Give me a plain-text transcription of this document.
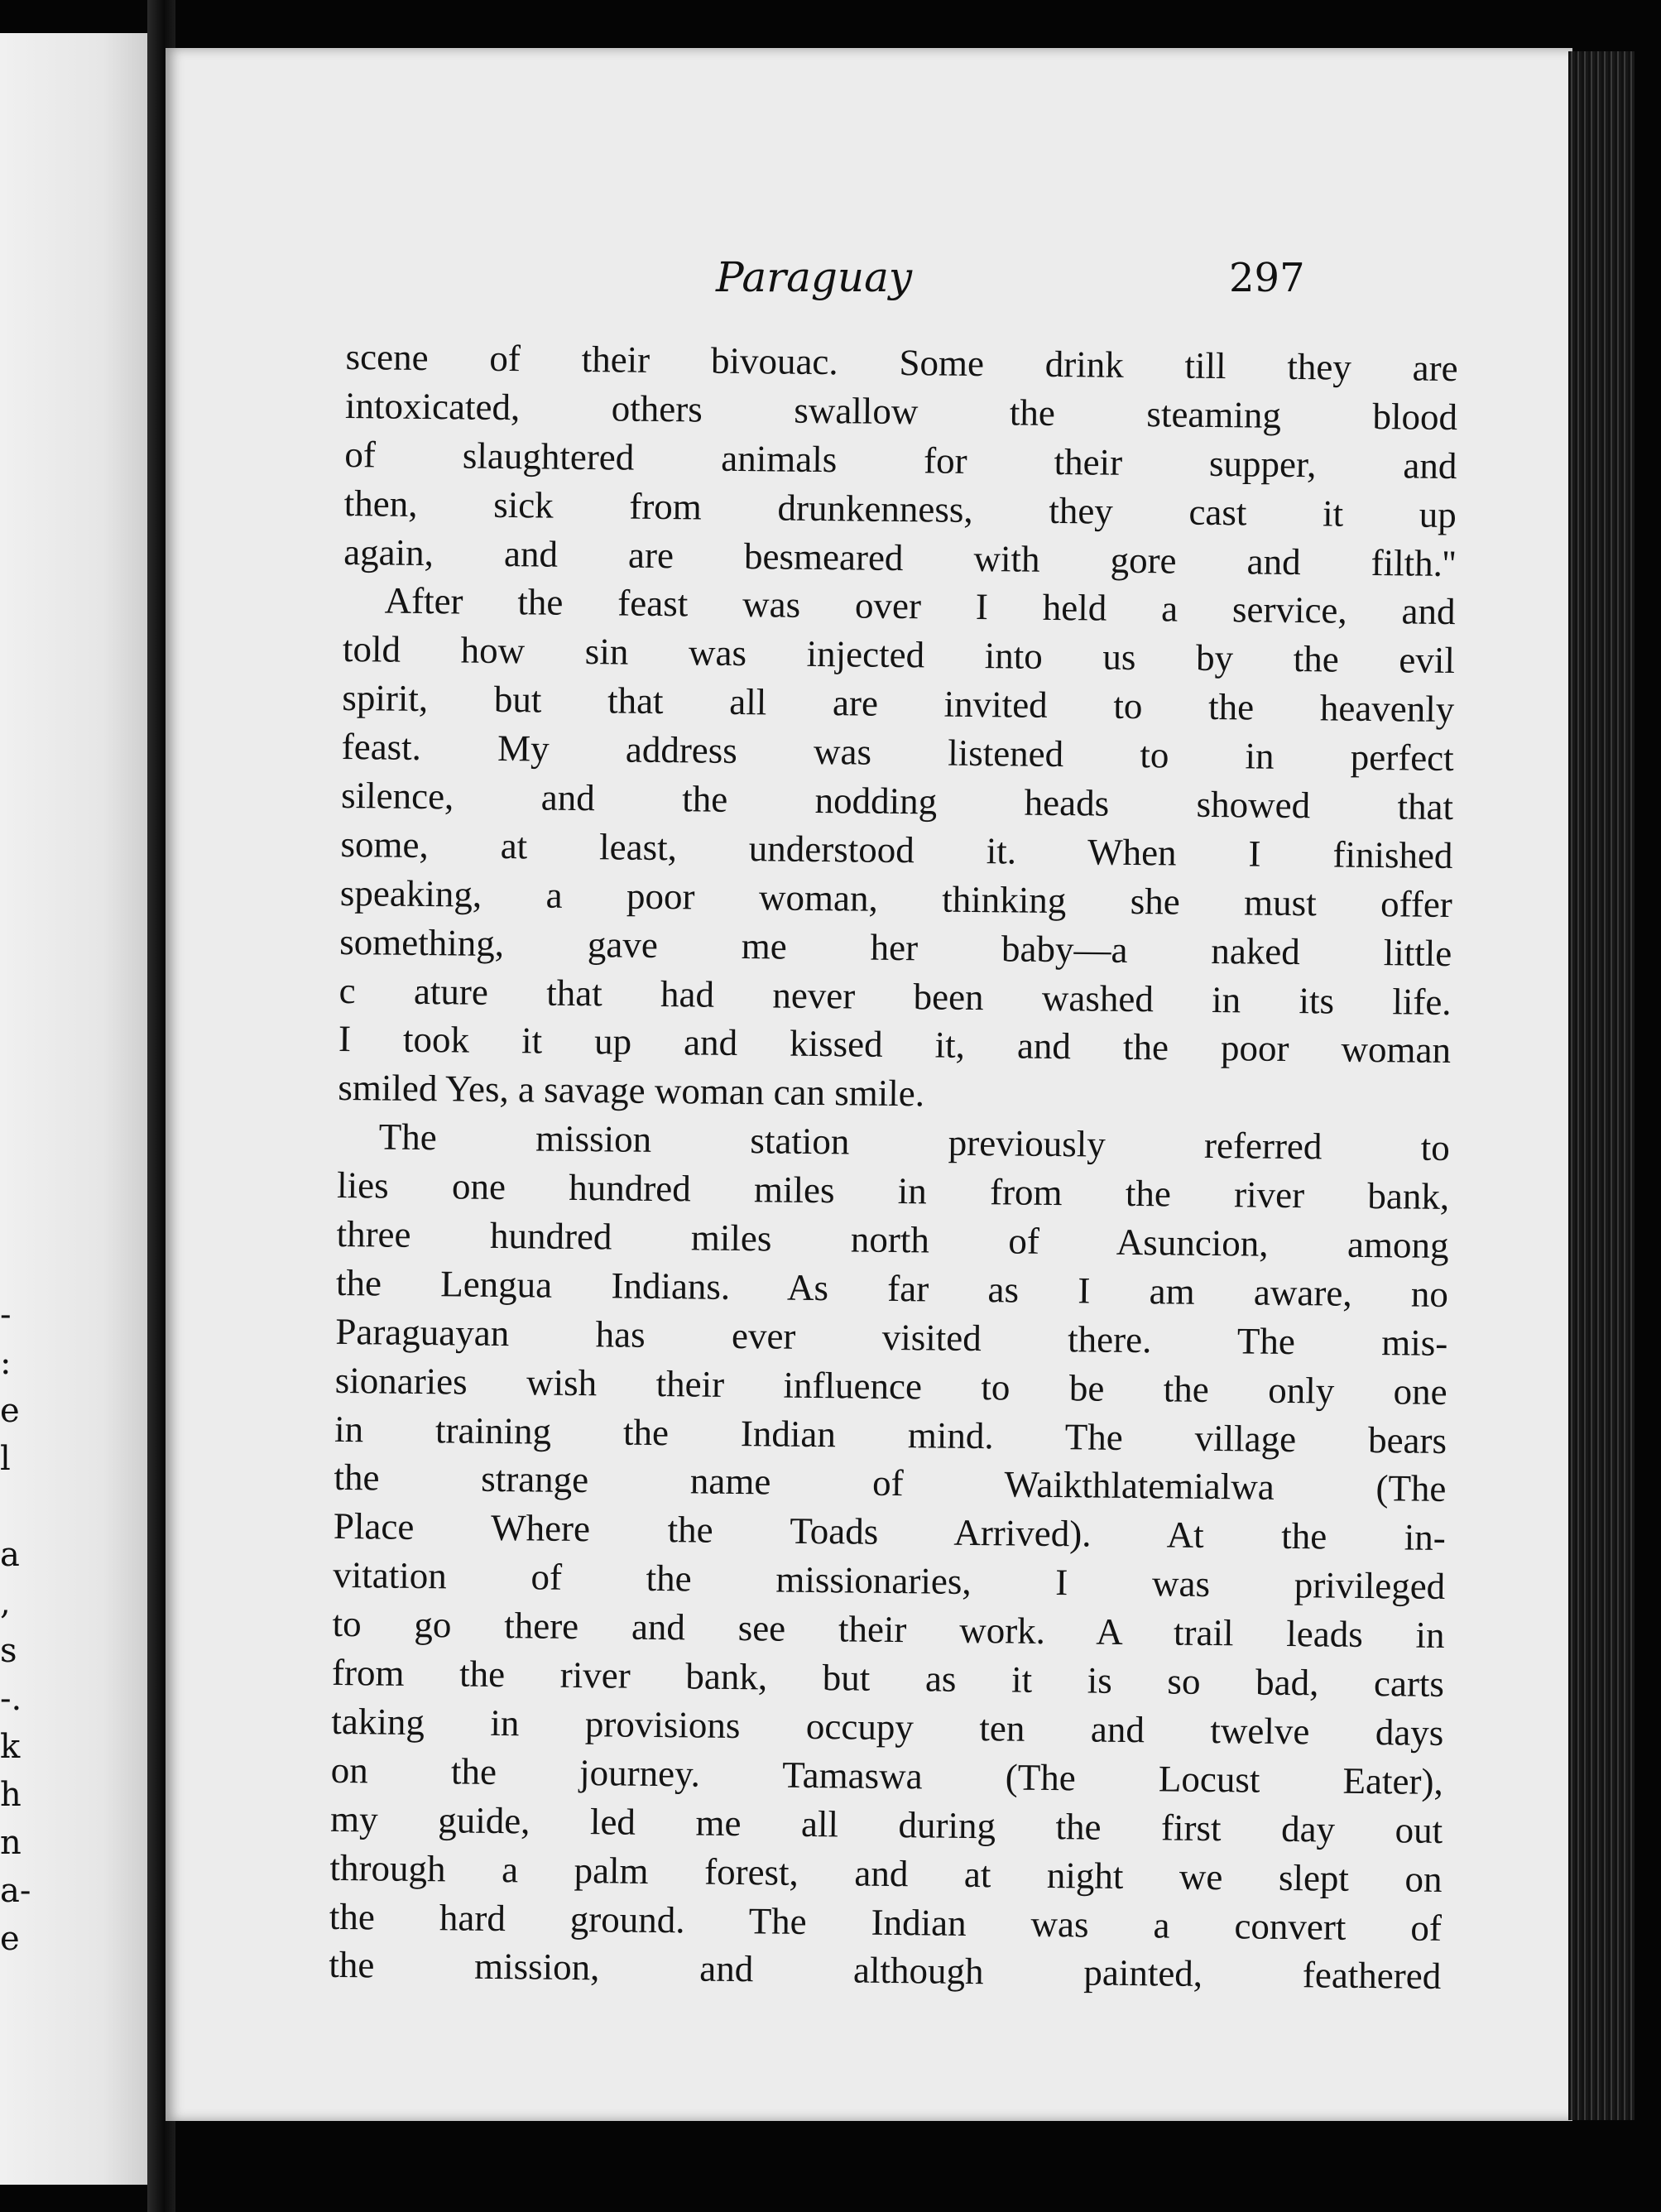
-
:
e
l
a
,
s
-.
k
h
n
a-
e
Paraguay	297
scene of their bivouac. Some drink till they are
intoxicated, others swallow the steaming blood
of slaughtered animals for their supper, and
then, sick from drunkenness, they cast it up
again, and are besmeared with gore and filth.''
After the feast was over I held a service, and
told how sin was injected into us by the evil
spirit, but that all are invited to the heavenly
feast. My address was listened to in perfect
silence, and the nodding heads showed that
some, at least, understood it. When I finished
speaking, a poor woman, thinking she must offer
something, gave me her baby—a naked little
c ature that had never been washed in its life.
I took it up and kissed it, and the poor woman
smiled Yes, a savage woman can smile.
The mission station previously referred to
lies one hundred miles in from the river bank,
three hundred miles north of Asuncion, among
the Lengua Indians. As far as I am aware, no
Paraguayan has ever visited there. The mis-
sionaries wish their influence to be the only one
in training the Indian mind. The village bears
the strange name of Waikthlatemialwa (The
Place Where the Toads Arrived). At the in-
vitation of the missionaries, I was privileged
to go there and see their work. A trail leads in
from the river bank, but as it is so bad, carts
taking in provisions occupy ten and twelve days
on the journey. Tamaswa (The Locust Eater),
my guide, led me all during the first day out
through a palm forest, and at night we slept on
the hard ground. The Indian was a convert of
the mission, and although painted, feathered
